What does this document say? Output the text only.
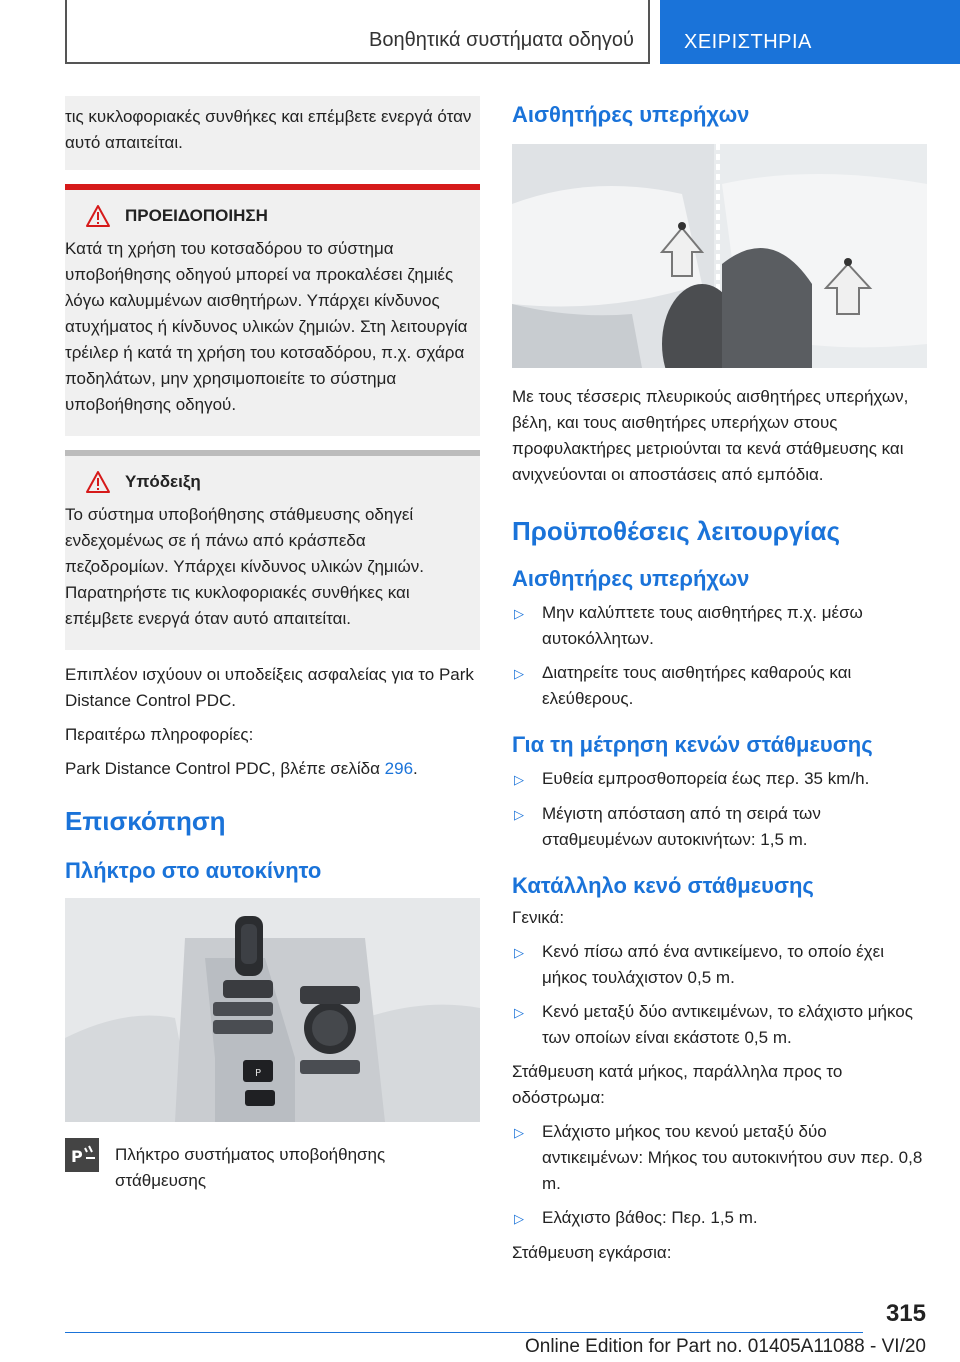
Βοηθητικά συστήματα οδηγού	ΧΕΙΡΙΣΤΗΡΙΑ

τις κυκλοφοριακές συνθήκες και επέμβετε ενεργά όταν αυτό απαιτείται.

ΠΡΟΕΙΔΟΠΟΙΗΣΗ

Κατά τη χρήση του κοτσαδόρου το σύστημα υποβοήθησης οδηγού μπορεί να προκαλέσει ζημιές λόγω καλυμμένων αισθητήρων. Υπάρχει κίνδυνος ατυχήματος ή κίνδυνος υλικών ζημιών. Στη λειτουργία τρέιλερ ή κατά τη χρήση του κοτσαδόρου, π.χ. σχάρα ποδηλάτων, μην χρησιμοποιείτε το σύστημα υποβοήθησης οδηγού.

Υπόδειξη

Το σύστημα υποβοήθησης στάθμευσης οδηγεί ενδεχομένως σε ή πάνω από κράσπεδα πεζοδρομίων. Υπάρχει κίνδυνος υλικών ζημιών. Παρατηρήστε τις κυκλοφοριακές συνθήκες και επέμβετε ενεργά όταν αυτό απαιτείται.

Επιπλέον ισχύουν οι υποδείξεις ασφαλείας για το Park Distance Control PDC.

Περαιτέρω πληροφορίες:

Park Distance Control PDC, βλέπε σελίδα 296.

Επισκόπηση
Πλήκτρο στο αυτοκίνητο
P
P Πλήκτρο συστήματος υποβοήθησης στάθμευσης

Αισθητήρες υπερήχων

Με τους τέσσερις πλευρικούς αισθητήρες υπερήχων, βέλη, και τους αισθητήρες υπερήχων στους προφυλακτήρες μετριούνται τα κενά στάθμευσης και ανιχνεύονται οι αποστάσεις από εμπόδια.

Προϋποθέσεις λειτουργίας
Αισθητήρες υπερήχων
▷	Μην καλύπτετε τους αισθητήρες π.χ. μέσω αυτοκόλλητων.
▷	Διατηρείτε τους αισθητήρες καθαρούς και ελεύθερους.
Για τη μέτρηση κενών στάθμευσης
▷	Ευθεία εμπροσθοπορεία έως περ. 35 km/h.
▷	Μέγιστη απόσταση από τη σειρά των σταθμευμένων αυτοκινήτων: 1,5 m.
Κατάλληλο κενό στάθμευσης

Γενικά:

▷	Κενό πίσω από ένα αντικείμενο, το οποίο έχει μήκος τουλάχιστον 0,5 m.
▷	Κενό μεταξύ δύο αντικειμένων, το ελάχιστο μήκος των οποίων είναι εκάστοτε 0,5 m.

Στάθμευση κατά μήκος, παράλληλα προς το οδόστρωμα:

▷	Ελάχιστο μήκος του κενού μεταξύ δύο αντικειμένων: Μήκος του αυτοκινήτου συν περ. 0,8 m.
▷	Ελάχιστο βάθος: Περ. 1,5 m.

Στάθμευση εγκάρσια:

315
Online Edition for Part no. 01405A11088 - VI/20
